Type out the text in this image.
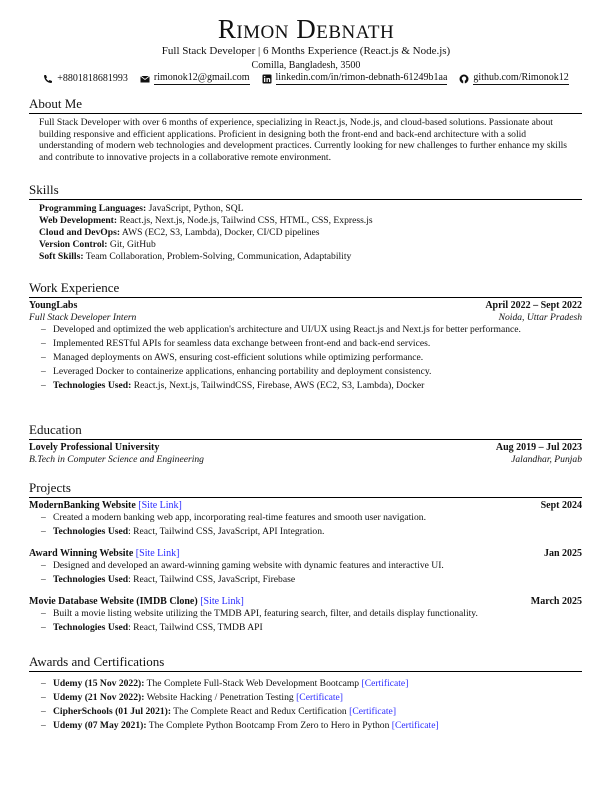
Rimon Debnath
Full Stack Developer | 6 Months Experience (React.js & Node.js)
Comilla, Bangladesh, 3500
+8801818681993	rimonok12@gmail.com	linkedin.com/in/rimon-debnath-61249b1aa	github.com/Rimonok12
About Me

Full Stack Developer with over 6 months of experience, specializing in React.js, Node.js, and cloud-based solutions. Passionate about building responsive and efficient applications. Proficient in designing both the front-end and back-end architecture with a solid understanding of modern web technologies and development practices. Currently looking for new challenges to further enhance my skills and contribute to innovative projects in a collaborative remote environment.

Skills
Programming Languages: JavaScript, Python, SQL
Web Development: React.js, Next.js, Node.js, Tailwind CSS, HTML, CSS, Express.js
Cloud and DevOps: AWS (EC2, S3, Lambda), Docker, CI/CD pipelines
Version Control: Git, GitHub
Soft Skills: Team Collaboration, Problem-Solving, Communication, Adaptability
Work Experience
YoungLabs	April 2022 – Sept 2022
Full Stack Developer Intern	Noida, Uttar Pradesh
– Developed and optimized the web application's architecture and UI/UX using React.js and Next.js for better performance.
– Implemented RESTful APIs for seamless data exchange between front-end and back-end services.
– Managed deployments on AWS, ensuring cost-efficient solutions while optimizing performance.
– Leveraged Docker to containerize applications, enhancing portability and deployment consistency.
– Technologies Used: React.js, Next.js, TailwindCSS, Firebase, AWS (EC2, S3, Lambda), Docker
Education
Lovely Professional University	Aug 2019 – Jul 2023
B.Tech in Computer Science and Engineering	Jalandhar, Punjab
Projects
ModernBanking Website [Site Link]	Sept 2024
– Created a modern banking web app, incorporating real-time features and smooth user navigation.
– Technologies Used: React, Tailwind CSS, JavaScript, API Integration.
Award Winning Website [Site Link]	Jan 2025
– Designed and developed an award-winning gaming website with dynamic features and interactive UI.
– Technologies Used: React, Tailwind CSS, JavaScript, Firebase
Movie Database Website (IMDB Clone) [Site Link]	March 2025
– Built a movie listing website utilizing the TMDB API, featuring search, filter, and details display functionality.
– Technologies Used: React, Tailwind CSS, TMDB API
Awards and Certifications
– Udemy (15 Nov 2022): The Complete Full-Stack Web Development Bootcamp [Certificate]
– Udemy (21 Nov 2022): Website Hacking / Penetration Testing [Certificate]
– CipherSchools (01 Jul 2021): The Complete React and Redux Certification [Certificate]
– Udemy (07 May 2021): The Complete Python Bootcamp From Zero to Hero in Python [Certificate]
